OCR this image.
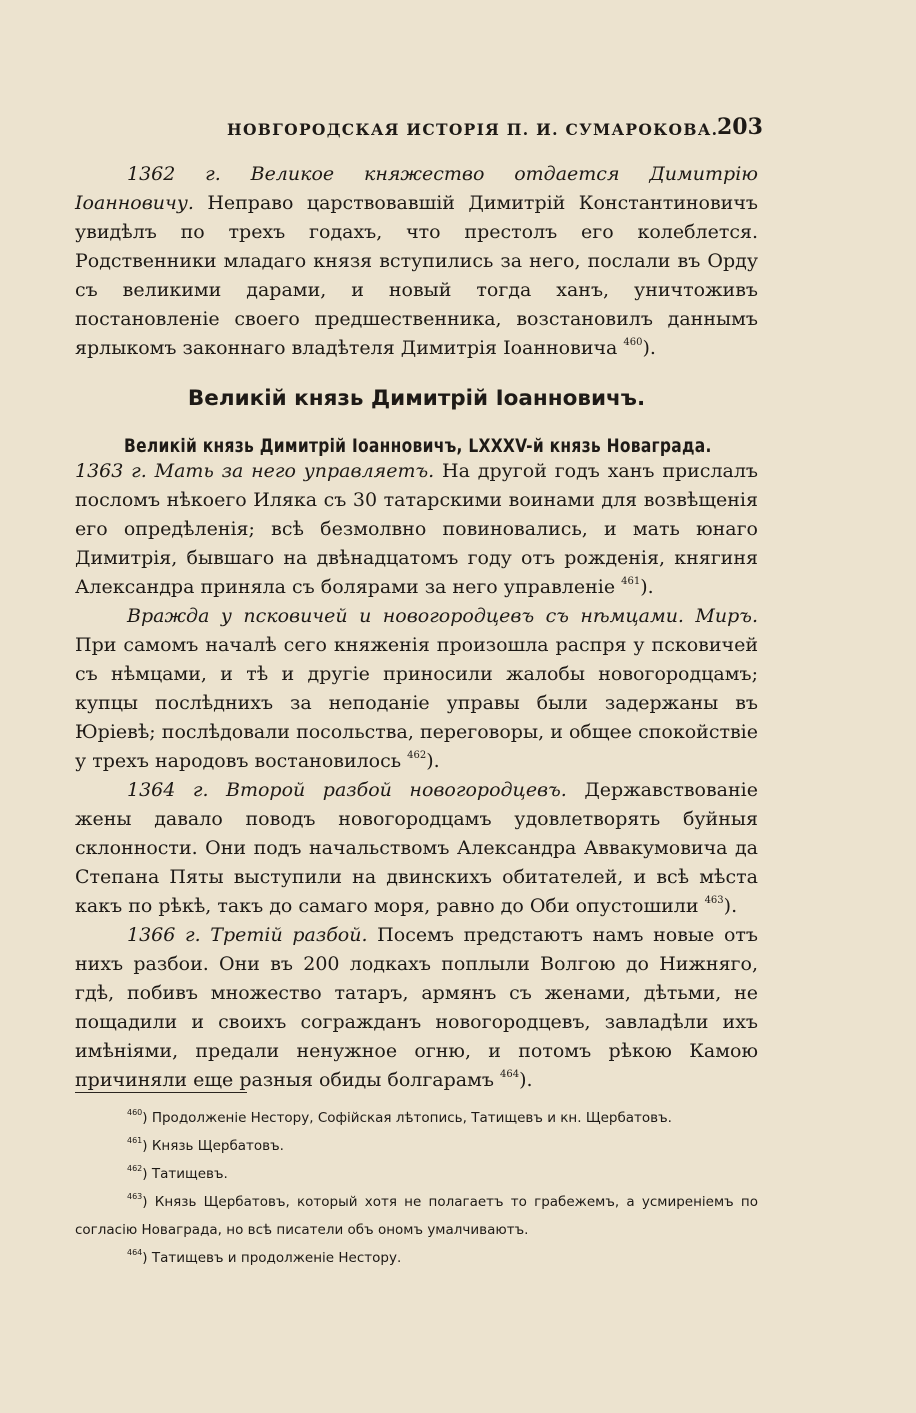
НОВГОРОДСКАЯ ИСТОРІЯ П. И. СУМАРОКОВА.
203

1362 г. Великое княжество отдается Димитрію Іоанновичу. Неправо царствовавшій Димитрій Константиновичъ увидѣлъ по трехъ годахъ, что престолъ его колеблется. Родственники младаго князя вступились за него, послали въ Орду съ великими дарами, и новый тогда ханъ, уничтоживъ постановленіе своего предшественника, возстановилъ даннымъ ярлыкомъ законнаго владѣтеля Димитрія Іоанновича $^{460}$).

Великій князь Димитрій Іоанновичъ.
Великій князь Димитрій Іоанновичъ, LXXXV-й князь Новаграда.

1363 г. Мать за него управляетъ. На другой годъ ханъ прислалъ посломъ нѣкоего Иляка съ 30 татарскими воинами для возвѣщенія его опредѣленія; всѣ безмолвно повиновались, и мать юнаго Димитрія, бывшаго на двѣнадцатомъ году отъ рожденія, княгиня Александра приняла съ болярами за него управленіе $^{461}$).

Вражда у псковичей и новогородцевъ съ нѣмцами. Миръ. При самомъ началѣ сего княженія произошла распря у псковичей съ нѣмцами, и тѣ и другіе приносили жалобы новогородцамъ; купцы послѣднихъ за неподаніе управы были задержаны въ Юріевѣ; послѣдовали посольства, переговоры, и общее спокойствіе у трехъ народовъ востановилось $^{462}$).

1364 г. Второй разбой новогородцевъ. Державствованіе жены давало поводъ новогородцамъ удовлетворять буйныя склонности. Они подъ начальствомъ Александра Аввакумовича да Степана Пяты выступили на двинскихъ обитателей, и всѣ мѣста какъ по рѣкѣ, такъ до самаго моря, равно до Оби опустошили $^{463}$).

1366 г. Третій разбой. Посемъ предстаютъ намъ новые отъ нихъ разбои. Они въ 200 лодкахъ поплыли Волгою до Нижняго, гдѣ, побивъ множество татаръ, армянъ съ женами, дѣтьми, не пощадили и своихъ согражданъ новогородцевъ, завладѣли ихъ имѣніями, предали ненужное огню, и потомъ рѣкою Камою причиняли еще разныя обиды болгарамъ $^{464}$).

$^{460}$) Продолженіе Нестору, Софійская лѣтопись, Татищевъ и кн. Щербатовъ.

$^{461}$) Князь Щербатовъ.

$^{462}$) Татищевъ.

$^{463}$) Князь Щербатовъ, который хотя не полагаетъ то грабежемъ, а усмиреніемъ по согласію Новаграда, но всѣ писатели объ ономъ умалчиваютъ.

$^{464}$) Татищевъ и продолженіе Нестору.
